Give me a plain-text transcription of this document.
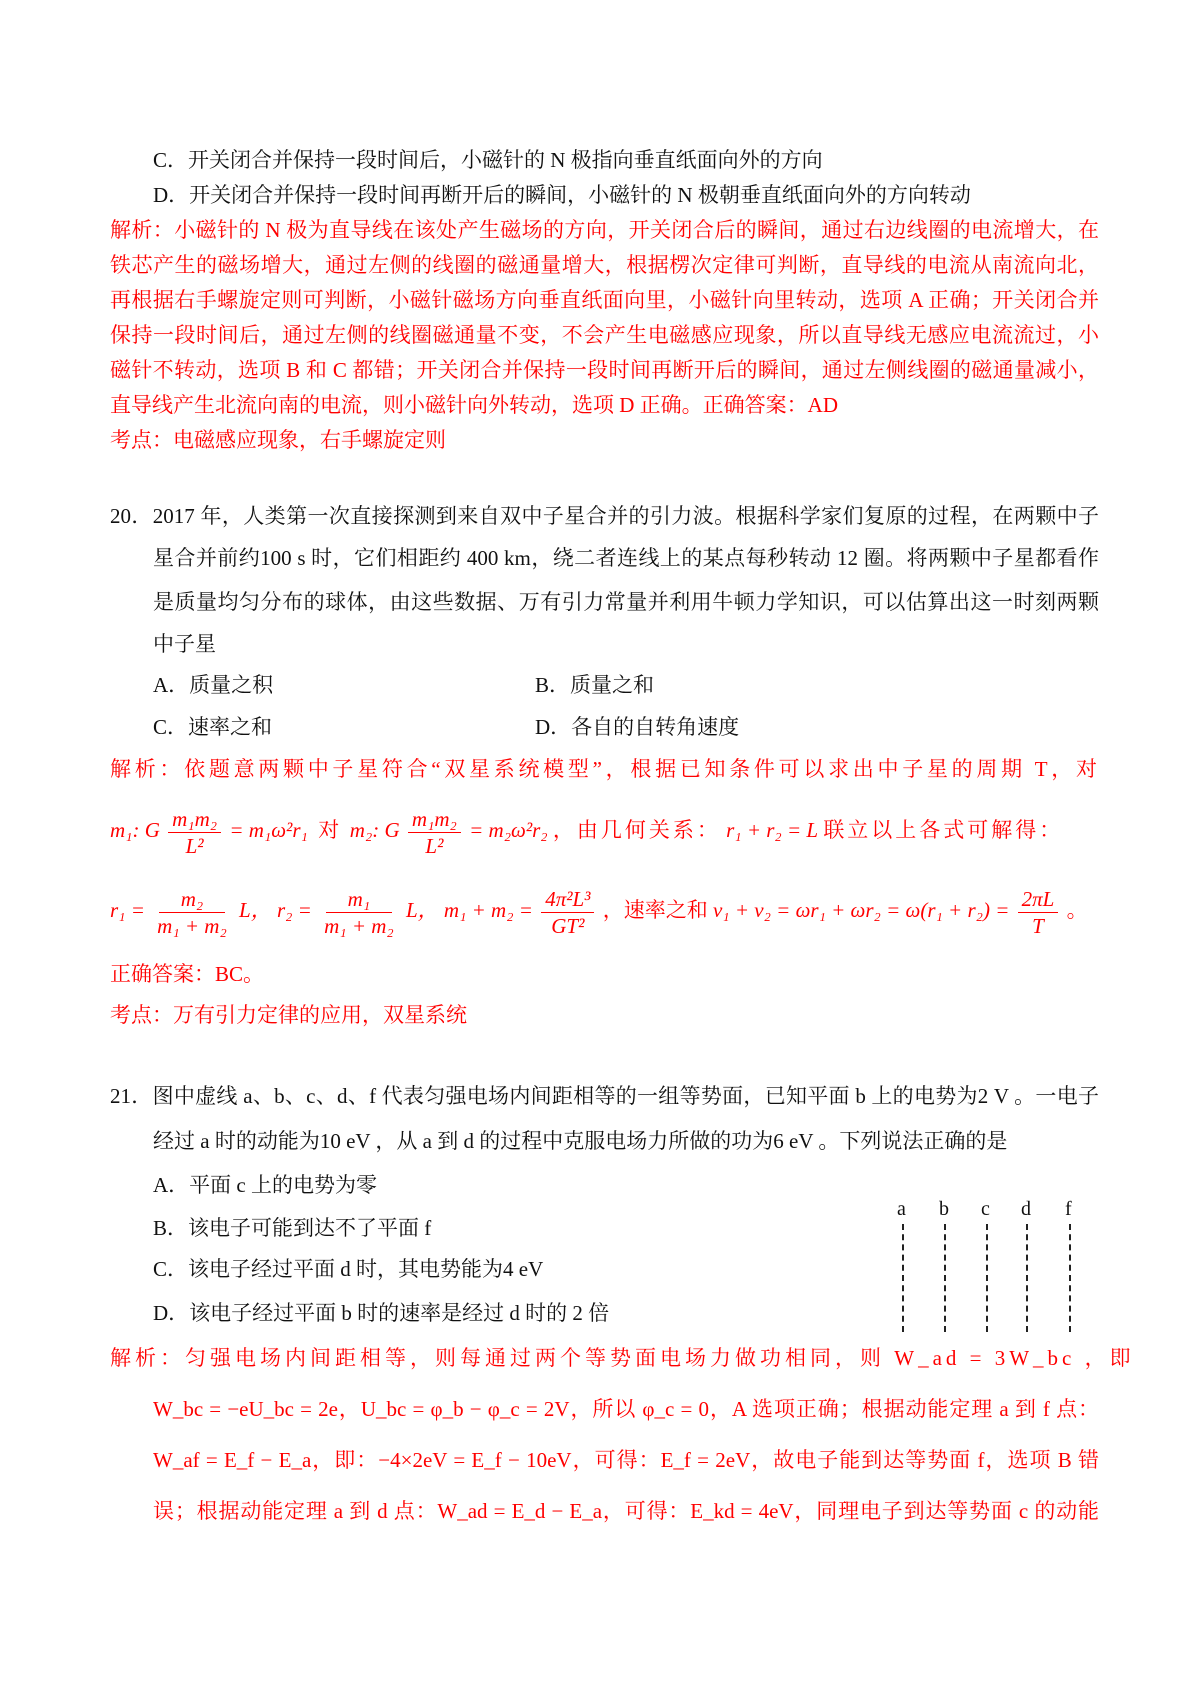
C．开关闭合并保持一段时间后，小磁针的 N 极指向垂直纸面向外的方向
D．开关闭合并保持一段时间再断开后的瞬间，小磁针的 N 极朝垂直纸面向外的方向转动
解析：小磁针的 N 极为直导线在该处产生磁场的方向，开关闭合后的瞬间，通过右边线圈的电流增大，在
铁芯产生的磁场增大，通过左侧的线圈的磁通量增大，根据楞次定律可判断，直导线的电流从南流向北，
再根据右手螺旋定则可判断，小磁针磁场方向垂直纸面向里，小磁针向里转动，选项 A 正确；开关闭合并
保持一段时间后，通过左侧的线圈磁通量不变，不会产生电磁感应现象，所以直导线无感应电流流过，小
磁针不转动，选项 B 和 C 都错；开关闭合并保持一段时间再断开后的瞬间，通过左侧线圈的磁通量减小，
直导线产生北流向南的电流，则小磁针向外转动，选项 D 正确。正确答案：AD
考点：电磁感应现象，右手螺旋定则
20．2017 年，人类第一次直接探测到来自双中子星合并的引力波。根据科学家们复原的过程，在两颗中子
星合并前约100 s 时，它们相距约 400 km，绕二者连线上的某点每秒转动 12 圈。将两颗中子星都看作
是质量均匀分布的球体，由这些数据、万有引力常量并利用牛顿力学知识，可以估算出这一时刻两颗
中子星
A．质量之积	B．质量之和
C．速率之和	D．各自的自转角速度
解析：依题意两颗中子星符合“双星系统模型”，根据已知条件可以求出中子星的周期 T，对
m₁: G $\frac{\text{m₁m₂}}{\text{L²}} = m_1\omega^2r_1$ 对 m₂: G $\frac{\text{m₁m₂}}{\text{L²}} = m_2\omega^2r_2$ ，由几何关系： r₁ + r₂ = L 联立以上各式可解得：
$r_1 = \frac{\text{m₂}}{\text{m₁ + m₂}}$ L， $r_2 = \frac{\text{m₁}}{\text{m₁ + m₂}}$ L， $m_1 + m_2 = \frac{\text{4π²L³}}{\text{GT²}}$ ，速率之和 $v_1 + v_2 = \omega r_1 + \omega r_2 = \omega(r_1 + r_2) = \frac{2\pi L}{T}$ 。
正确答案：BC。
考点：万有引力定律的应用，双星系统
21．图中虚线 a、b、c、d、f 代表匀强电场内间距相等的一组等势面，已知平面 b 上的电势为2 V 。一电子
经过 a 时的动能为10 eV ，从 a 到 d 的过程中克服电场力所做的功为6 eV 。下列说法正确的是
A．平面 c 上的电势为零
B．该电子可能到达不了平面 f
C．该电子经过平面 d 时，其电势能为4 eV
D．该电子经过平面 b 时的速率是经过 d 时的 2 倍
a b c d f
解析：匀强电场内间距相等，则每通过两个等势面电场力做功相同，则 W_ad = 3W_bc ，即
W_bc = −eU_bc = 2e，U_bc = φ_b − φ_c = 2V，所以 φ_c = 0，A 选项正确；根据动能定理 a 到 f 点：
W_af = E_f − E_a，即：−4×2eV = E_f − 10eV，可得：E_f = 2eV，故电子能到达等势面 f，选项 B 错
误；根据动能定理 a 到 d 点：W_ad = E_d − E_a，可得：E_kd = 4eV，同理电子到达等势面 c 的动能
